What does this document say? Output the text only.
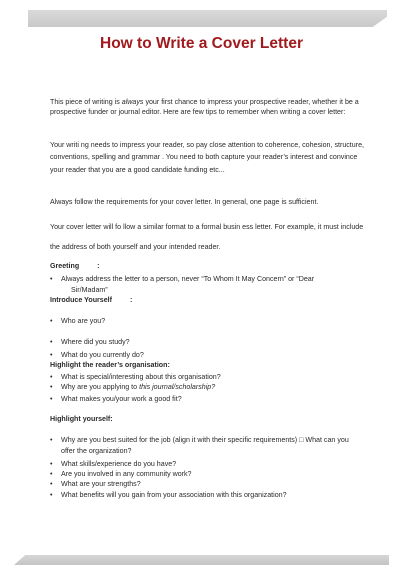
How to Write a Cover Letter
This piece of writing is always your first chance to impress your prospective reader, whether it be a
prospective funder or journal editor. Here are few tips to remember when writing a cover letter:
Your writi ng needs to impress your reader, so pay close attention to coherence, cohesion, structure,
conventions, spelling and grammar . You need to both capture your reader’s interest and convince
your reader that you are a good candidate funding etc...
Always follow the requirements for your cover letter. In general, one page is sufficient.
Your cover letter will fo llow a similar format to a formal busin ess letter. For example, it must include
the address of both yourself and your intended reader.
Greeting	:
• Always address the letter to a person, never “To Whom It May Concern” or “Dear
Sir/Madam”
Introduce Yourself	:
• Who are you?
• Where did you study?
• What do you currently do?
Highlight the reader’s organisation:
• What is special/interesting about this organisation?
• Why are you applying to this journal/scholarship?
• What makes you/your work a good fit?
Highlight yourself:
• Why are you best suited for the job (align it with their specific requirements) □ What can you
offer the organization?
• What skills/experience do you have?
• Are you involved in any community work?
• What are your strengths?
• What benefits will you gain from your association with this organization?
